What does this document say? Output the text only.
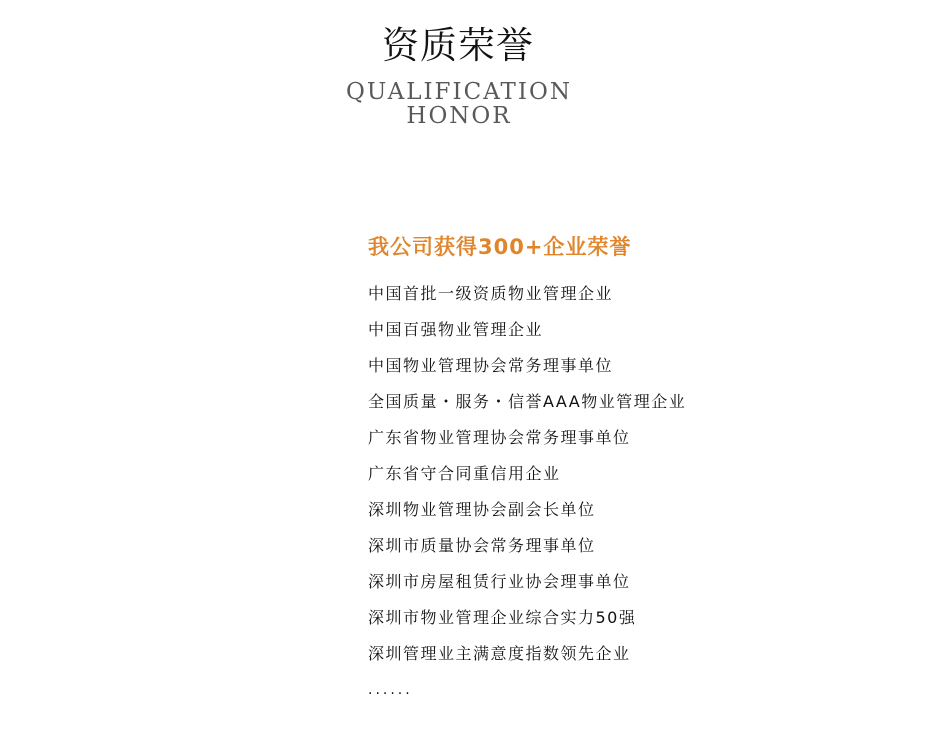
资质荣誉
QUALIFICATION
HONOR
我公司获得300+企业荣誉
中国首批一级资质物业管理企业
中国百强物业管理企业
中国物业管理协会常务理事单位
全国质量・服务・信誉AAA物业管理企业
广东省物业管理协会常务理事单位
广东省守合同重信用企业
深圳物业管理协会副会长单位
深圳市质量协会常务理事单位
深圳市房屋租赁行业协会理事单位
深圳市物业管理企业综合实力50强
深圳管理业主满意度指数领先企业
......
